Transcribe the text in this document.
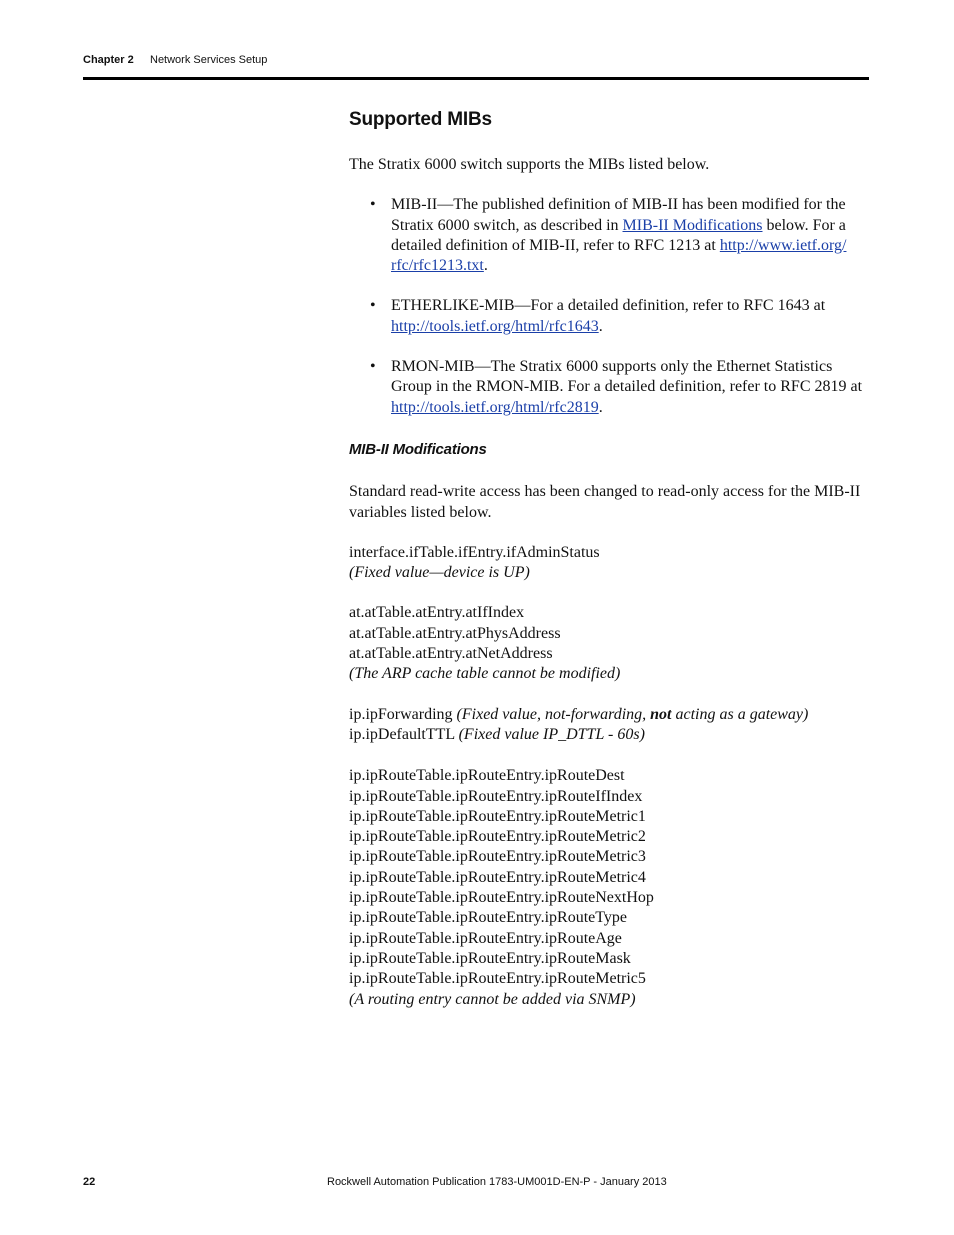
Chapter 2 Network Services Setup
Supported MIBs

The Stratix 6000 switch supports the MIBs listed below.

• MIB-II—The published definition of MIB-II has been modified for the Stratix 6000 switch, as described in MIB-II Modifications below. For a detailed definition of MIB-II, refer to RFC 1213 at http://www.ietf.org/
rfc/rfc1213.txt.
• ETHERLIKE-MIB—For a detailed definition, refer to RFC 1643 at http://tools.ietf.org/html/rfc1643.
• RMON-MIB—The Stratix 6000 supports only the Ethernet Statistics Group in the RMON-MIB. For a detailed definition, refer to RFC 2819 at http://tools.ietf.org/html/rfc2819.
MIB-II Modifications

Standard read-write access has been changed to read-only access for the MIB-II variables listed below.

interface.ifTable.ifEntry.ifAdminStatus
(Fixed value—device is UP)
at.atTable.atEntry.atIfIndex
at.atTable.atEntry.atPhysAddress
at.atTable.atEntry.atNetAddress
(The ARP cache table cannot be modified)
ip.ipForwarding (Fixed value, not-forwarding, not acting as a gateway)
ip.ipDefaultTTL (Fixed value IP_DTTL - 60s)
ip.ipRouteTable.ipRouteEntry.ipRouteDest
ip.ipRouteTable.ipRouteEntry.ipRouteIfIndex
ip.ipRouteTable.ipRouteEntry.ipRouteMetric1
ip.ipRouteTable.ipRouteEntry.ipRouteMetric2
ip.ipRouteTable.ipRouteEntry.ipRouteMetric3
ip.ipRouteTable.ipRouteEntry.ipRouteMetric4
ip.ipRouteTable.ipRouteEntry.ipRouteNextHop
ip.ipRouteTable.ipRouteEntry.ipRouteType
ip.ipRouteTable.ipRouteEntry.ipRouteAge
ip.ipRouteTable.ipRouteEntry.ipRouteMask
ip.ipRouteTable.ipRouteEntry.ipRouteMetric5
(A routing entry cannot be added via SNMP)
22	Rockwell Automation Publication 1783-UM001D-EN-P - January 2013
